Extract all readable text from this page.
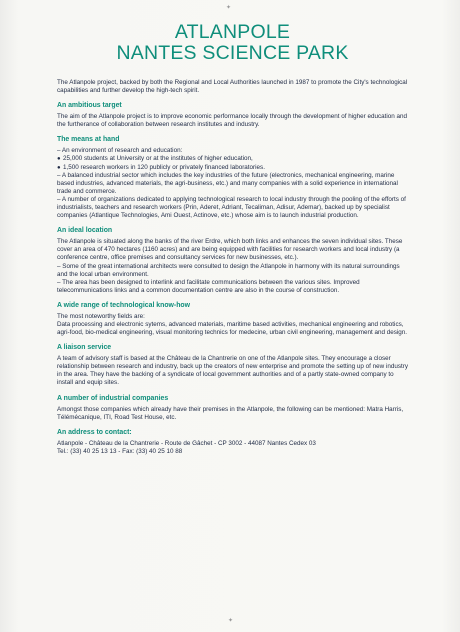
✦
ATLANPOLE
NANTES SCIENCE PARK

The Atlanpole project, backed by both the Regional and Local Authorities launched in 1987 to promote the City's technological capabilities and further develop the high-tech spirit.

An ambitious target

The aim of the Atlanpole project is to improve economic performance locally through the development of higher education and the furtherance of collaboration between research institutes and industry.

The means at hand

– An environment of research and education:

● 25,000 students at University or at the institutes of higher education,

● 1,500 research workers in 120 publicly or privately financed laboratories.

– A balanced industrial sector which includes the key industries of the future (electronics, mechanical engineering, marine based industries, advanced materials, the agri-business, etc.) and many companies with a solid experience in international trade and commerce.

– A number of organizations dedicated to applying technological research to local industry through the pooling of the efforts of industrialists, teachers and research workers (Prin, Aderet, Adriant, Tecaliman, Adisur, Ademar), backed up by specialist companies (Atlantique Technologies, Ami Ouest, Actinove, etc.) whose aim is to launch industrial production.

An ideal location

The Atlanpole is situated along the banks of the river Erdre, which both links and enhances the seven individual sites. These cover an area of 470 hectares (1160 acres) and are being equipped with facilities for research workers and local industry (a conference centre, office premises and consultancy services for new businesses, etc.).

– Some of the great international architects were consulted to design the Atlanpole in harmony with its natural surroundings and the local urban environment.

– The area has been designed to interlink and facilitate communications between the various sites. Improved telecommunications links and a common documentation centre are also in the course of construction.

A wide range of technological know-how

The most noteworthy fields are:

Data processing and electronic sytems, advanced materials, maritime based activities, mechanical engineering and robotics, agri-food, bio-medical engineering, visual monitoring technics for medecine, urban civil engineering, management and design.

A liaison service

A team of advisory staff is based at the Château de la Chantrerie on one of the Atlanpole sites. They encourage a closer relationship between research and industry, back up the creators of new enterprise and promote the setting up of new industry in the area. They have the backing of a syndicate of local government authorities and of a partly state-owned company to install and equip sites.

A number of industrial companies

Amongst those companies which already have their premises in the Atlanpole, the following can be mentioned: Matra Harris, Télémécanique, ITI, Road Test House, etc.

An address to contact:

Atlanpole - Château de la Chantrerie - Route de Gâchet - CP 3002 - 44087 Nantes Cedex 03

Tel.: (33) 40 25 13 13 - Fax: (33) 40 25 10 88

✦
